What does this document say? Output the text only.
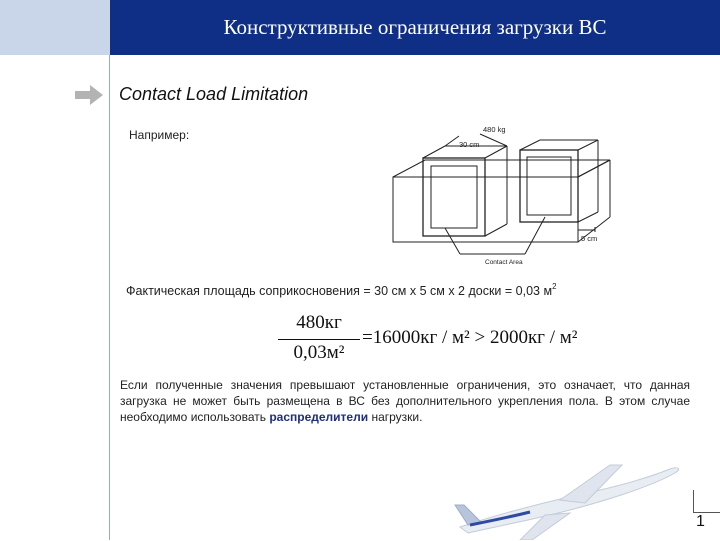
Конструктивные ограничения загрузки ВС
Contact Load Limitation
Например:	480 kg
30 cm
5 cm
Contact Area
Фактическая площадь соприкосновения = 30 см х 5 см х 2 доски = 0,03 $м^2$
480кг
0,03м²
=16000кг / м² > 2000кг / м²
Если полученные значения превышают установленные ограничения, это означает, что данная загрузка не может быть размещена в ВС без дополнительного укрепления пола. В этом случае необходимо использовать распределители нагрузки.
1
